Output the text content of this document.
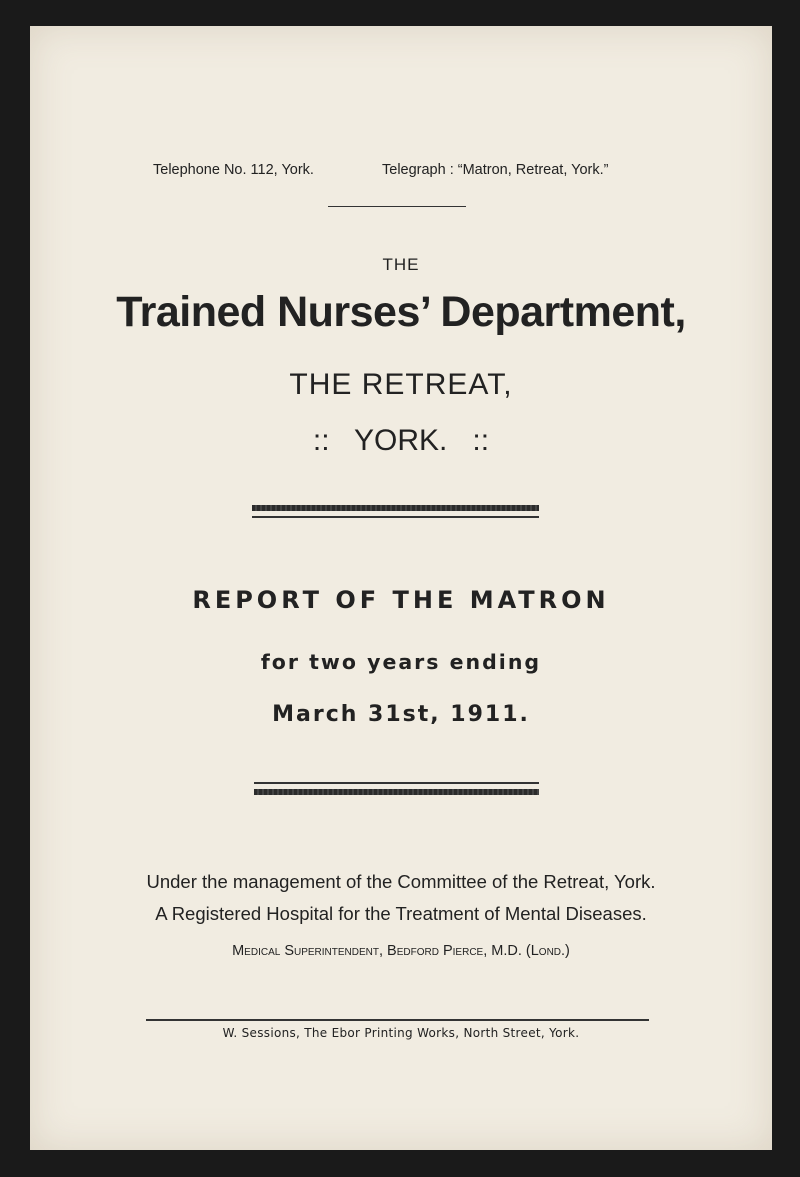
Telephone No. 112, York.	Telegraph : “Matron, Retreat, York.”
THE
Trained Nurses’ Department,
THE RETREAT,
::   YORK.   ::
REPORT OF THE MATRON
for two years ending
March 31st, 1911.
Under the management of the Committee of the Retreat, York.
A Registered Hospital for the Treatment of Mental Diseases.
Medical Superintendent, Bedford Pierce, M.D. (Lond.)
W. Sessions, The Ebor Printing Works, North Street, York.
